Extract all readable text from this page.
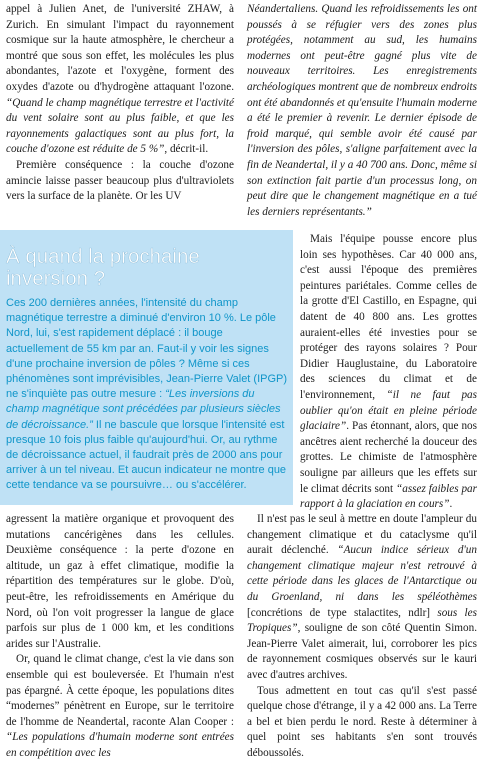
appel à Julien Anet, de l'université ZHAW, à Zurich. En simulant l'impact du rayonnement cosmique sur la haute atmosphère, le chercheur a montré que sous son effet, les molécules les plus abondantes, l'azote et l'oxygène, forment des oxydes d'azote ou d'hydrogène attaquant l'ozone. “Quand le champ magnétique terrestre et l'activité du vent solaire sont au plus faible, et que les rayonnements galactiques sont au plus fort, la couche d'ozone est réduite de 5 %”, décrit-il.

Première conséquence : la couche d'ozone amincie laisse passer beaucoup plus d'ultraviolets vers la surface de la planète. Or les UV

Néandertaliens. Quand les refroidissements les ont poussés à se réfugier vers des zones plus protégées, notamment au sud, les humains modernes ont peut-être gagné plus vite de nouveaux territoires. Les enregistrements archéologiques montrent que de nombreux endroits ont été abandonnés et qu'ensuite l'humain moderne a été le premier à revenir. Le dernier épisode de froid marqué, qui semble avoir été causé par l'inversion des pôles, s'aligne parfaitement avec la fin de Neandertal, il y a 40 700 ans. Donc, même si son extinction fait partie d'un processus long, on peut dire que le changement magnétique en a tué les derniers représentants.”

À quand la prochaine inversion ?

Ces 200 dernières années, l'intensité du champ magnétique terrestre a diminué d'environ 10 %. Le pôle Nord, lui, s'est rapidement déplacé : il bouge actuellement de 55 km par an. Faut-il y voir les signes d'une prochaine inversion de pôles ? Même si ces phénomènes sont imprévisibles, Jean-Pierre Valet (IPGP) ne s'inquiète pas outre mesure : “Les inversions du champ magnétique sont précédées par plusieurs siècles de décroissance.” Il ne bascule que lorsque l'intensité est presque 10 fois plus faible qu'aujourd'hui. Or, au rythme de décroissance actuel, il faudrait près de 2000 ans pour arriver à un tel niveau. Et aucun indicateur ne montre que cette tendance va se poursuivre… ou s'accélérer.

Mais l'équipe pousse encore plus loin ses hypothèses. Car 40 000 ans, c'est aussi l'époque des premières peintures pariétales. Comme celles de la grotte d'El Castillo, en Espagne, qui datent de 40 800 ans. Les grottes auraient-elles été investies pour se protéger des rayons solaires ? Pour Didier Hauglustaine, du Laboratoire des sciences du climat et de l'environnement, “il ne faut pas oublier qu'on était en pleine période glaciaire”. Pas étonnant, alors, que nos ancêtres aient recherché la douceur des grottes. Le chimiste de l'atmosphère souligne par ailleurs que les effets sur le climat décrits sont “assez faibles par rapport à la glaciation en cours”.

agressent la matière organique et provoquent des mutations cancérigènes dans les cellules. Deuxième conséquence : la perte d'ozone en altitude, un gaz à effet climatique, modifie la répartition des températures sur le globe. D'où, peut-être, les refroidissements en Amérique du Nord, où l'on voit progresser la langue de glace parfois sur plus de 1 000 km, et les conditions arides sur l'Australie.

Or, quand le climat change, c'est la vie dans son ensemble qui est bouleversée. Et l'humain n'est pas épargné. À cette époque, les populations dites “modernes” pénètrent en Europe, sur le territoire de l'homme de Neandertal, raconte Alan Cooper : “Les populations d'humain moderne sont entrées en compétition avec les

Il n'est pas le seul à mettre en doute l'ampleur du changement climatique et du cataclysme qu'il aurait déclenché. “Aucun indice sérieux d'un changement climatique majeur n'est retrouvé à cette période dans les glaces de l'Antarctique ou du Groenland, ni dans les spéléothèmes [concrétions de type stalactites, ndlr] sous les Tropiques”, souligne de son côté Quentin Simon. Jean-Pierre Valet aimerait, lui, corroborer les pics de rayonnement cosmiques observés sur le kauri avec d'autres archives.

Tous admettent en tout cas qu'il s'est passé quelque chose d'étrange, il y a 42 000 ans. La Terre a bel et bien perdu le nord. Reste à déterminer à quel point ses habitants s'en sont trouvés déboussolés.
